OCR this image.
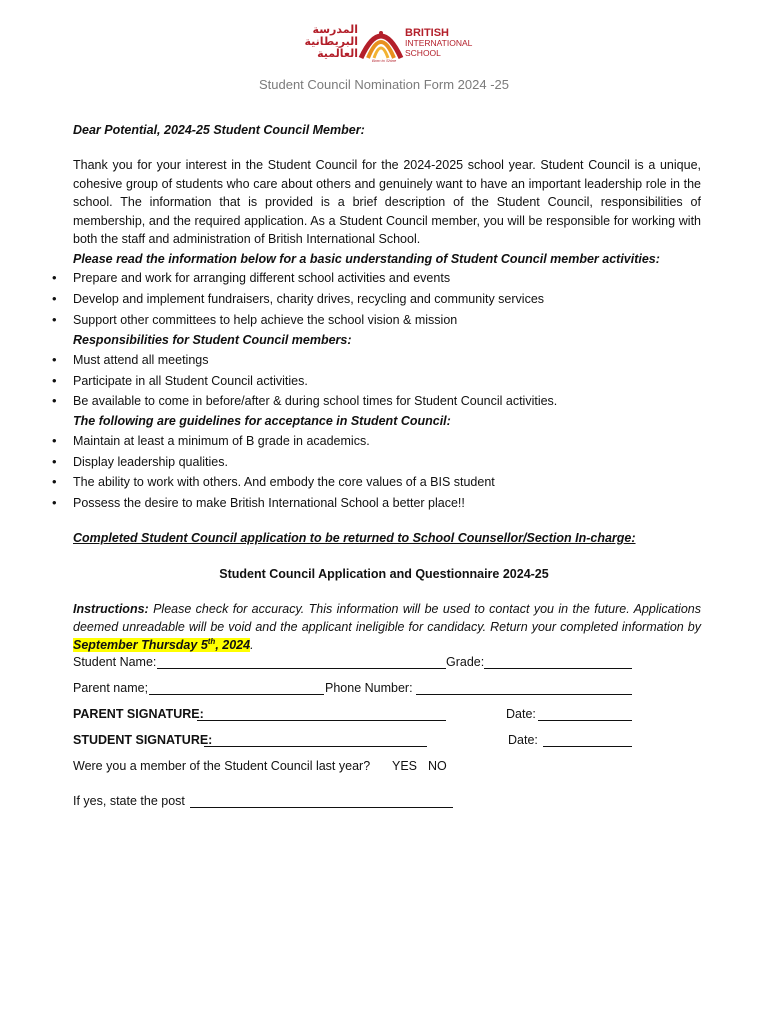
المدرسة
البريطانية
العالمية
Born to Shine
BRITISH
INTERNATIONAL
SCHOOL
Student Council Nomination Form 2024 -25
Dear Potential, 2024-25 Student Council Member:
Thank you for your interest in the Student Council for the 2024-2025 school year. Student Council is a unique, cohesive group of students who care about others and genuinely want to have an important leadership role in the school. The information that is provided is a brief description of the Student Council, responsibilities of membership, and the required application. As a Student Council member, you will be responsible for working with both the staff and administration of British International School.
Please read the information below for a basic understanding of Student Council member activities:
• Prepare and work for arranging different school activities and events
• Develop and implement fundraisers, charity drives, recycling and community services
• Support other committees to help achieve the school vision & mission
Responsibilities for Student Council members:
• Must attend all meetings
• Participate in all Student Council activities.
• Be available to come in before/after & during school times for Student Council activities.
The following are guidelines for acceptance in Student Council:
• Maintain at least a minimum of B grade in academics.
• Display leadership qualities.
• The ability to work with others. And embody the core values of a BIS student
• Possess the desire to make British International School a better place!!
Completed Student Council application to be returned to School Counsellor/Section In-charge:
Student Council Application and Questionnaire 2024-25
Instructions: Please check for accuracy. This information will be used to contact you in the future. Applications deemed unreadable will be void and the applicant ineligible for candidacy. Return your completed information by September Thursday 5th, 2024.
Student Name:	Grade:
Parent name;	Phone Number:
PARENT SIGNATURE:	Date:
STUDENT SIGNATURE:	Date:
Were you a member of the Student Council last year? YES NO
If yes, state the post
